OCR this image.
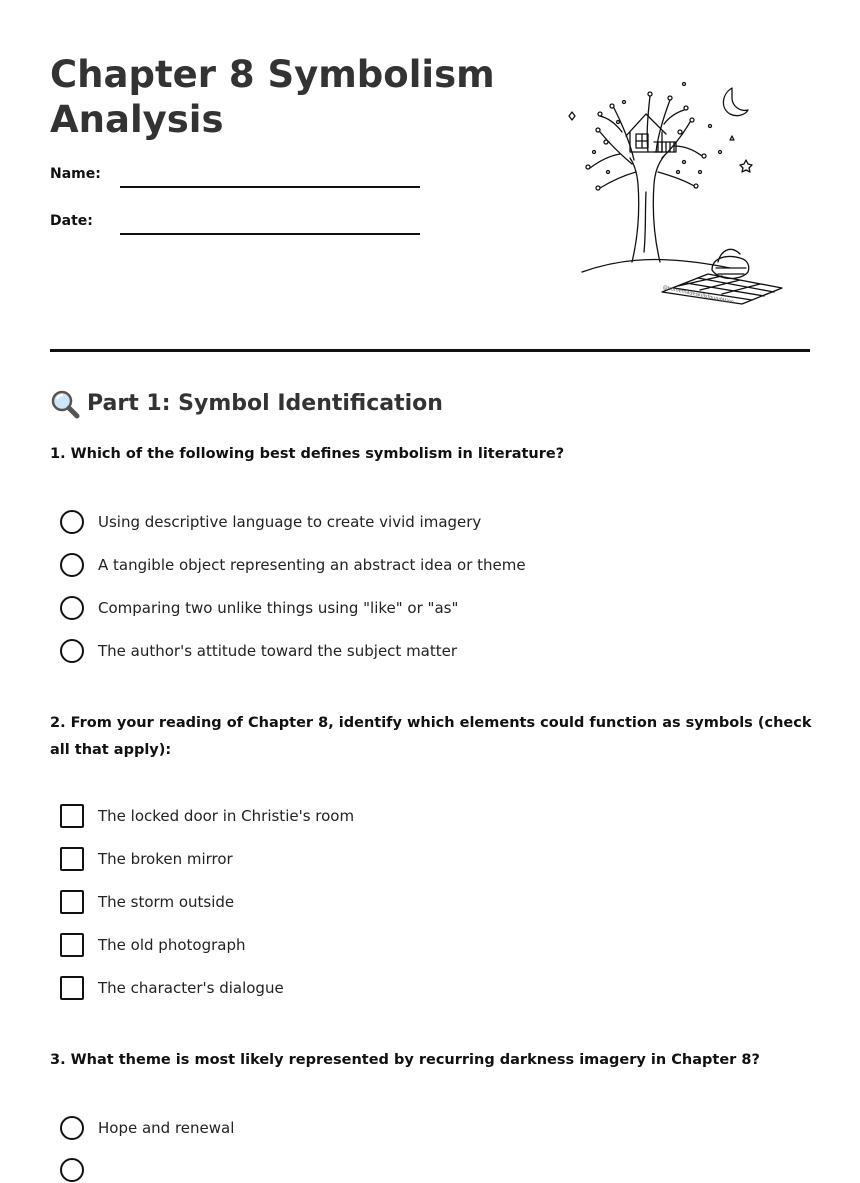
Chapter 8 Symbolism Analysis
Name:
Date:
@homemadeskillsfoundation
Part 1: Symbol Identification
1. Which of the following best defines symbolism in literature?
Using descriptive language to create vivid imagery
A tangible object representing an abstract idea or theme
Comparing two unlike things using "like" or "as"
The author's attitude toward the subject matter
2. From your reading of Chapter 8, identify which elements could function as symbols (check all that apply):
The locked door in Christie's room
The broken mirror
The storm outside
The old photograph
The character's dialogue
3. What theme is most likely represented by recurring darkness imagery in Chapter 8?
Hope and renewal
